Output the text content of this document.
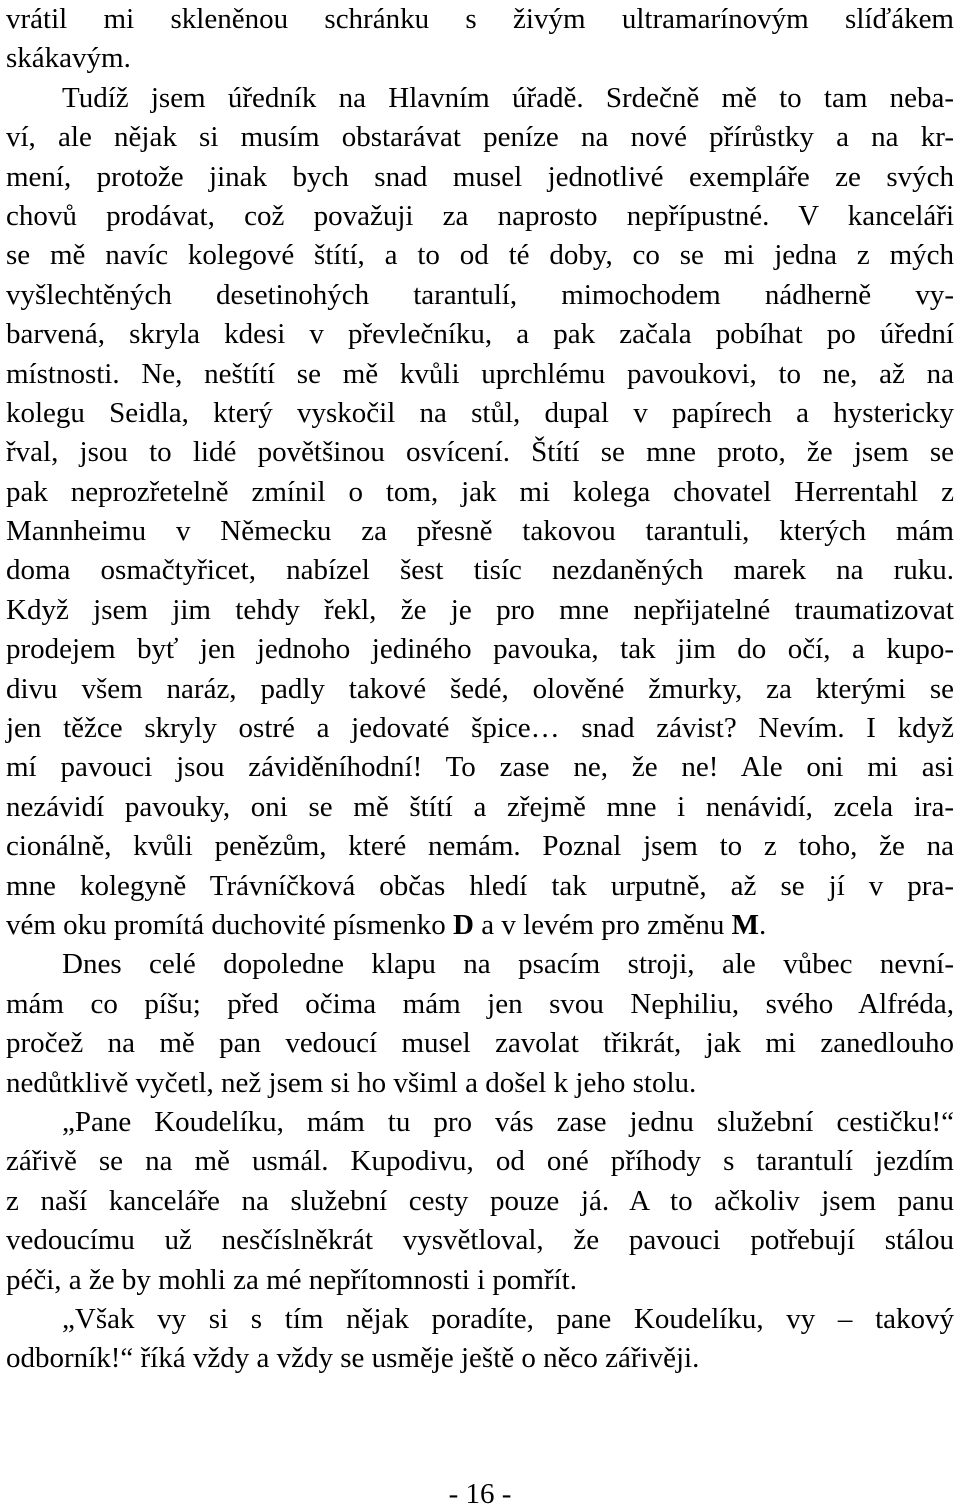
vrátil mi skleněnou schránku s živým ultramarínovým slíďákem
skákavým.
Tudíž jsem úředník na Hlavním úřadě. Srdečně mě to tam neba-
ví, ale nějak si musím obstarávat peníze na nové přírůstky a na kr-
mení, protože jinak bych snad musel jednotlivé exempláře ze svých
chovů prodávat, což považuji za naprosto nepřípustné. V kanceláři
se mě navíc kolegové štítí, a to od té doby, co se mi jedna z mých
vyšlechtěných desetinohých tarantulí, mimochodem nádherně vy-
barvená, skryla kdesi v převlečníku, a pak začala pobíhat po úřední
místnosti. Ne, neštítí se mě kvůli uprchlému pavoukovi, to ne, až na
kolegu Seidla, který vyskočil na stůl, dupal v papírech a hystericky
řval, jsou to lidé povětšinou osvícení. Štítí se mne proto, že jsem se
pak neprozřetelně zmínil o tom, jak mi kolega chovatel Herrentahl z
Mannheimu v Německu za přesně takovou tarantuli, kterých mám
doma osmačtyřicet, nabízel šest tisíc nezdaněných marek na ruku.
Když jsem jim tehdy řekl, že je pro mne nepřijatelné traumatizovat
prodejem byť jen jednoho jediného pavouka, tak jim do očí, a kupo-
divu všem naráz, padly takové šedé, olověné žmurky, za kterými se
jen těžce skryly ostré a jedovaté špice… snad závist? Nevím. I když
mí pavouci jsou záviděníhodní! To zase ne, že ne! Ale oni mi asi
nezávidí pavouky, oni se mě štítí a zřejmě mne i nenávidí, zcela ira-
cionálně, kvůli penězům, které nemám. Poznal jsem to z toho, že na
mne kolegyně Trávníčková občas hledí tak urputně, až se jí v pra-
vém oku promítá duchovité písmenko D a v levém pro změnu M.
Dnes celé dopoledne klapu na psacím stroji, ale vůbec nevní-
mám co píšu; před očima mám jen svou Nephiliu, svého Alfréda,
pročež na mě pan vedoucí musel zavolat třikrát, jak mi zanedlouho
nedůtklivě vyčetl, než jsem si ho všiml a došel k jeho stolu.
„Pane Koudelíku, mám tu pro vás zase jednu služební cestičku!“
zářivě se na mě usmál. Kupodivu, od oné příhody s tarantulí jezdím
z naší kanceláře na služební cesty pouze já. A to ačkoliv jsem panu
vedoucímu už nesčíslněkrát vysvětloval, že pavouci potřebují stálou
péči, a že by mohli za mé nepřítomnosti i pomřít.
„Však vy si s tím nějak poradíte, pane Koudelíku, vy – takový
odborník!“ říká vždy a vždy se usměje ještě o něco zářivěji.
- 16 -
